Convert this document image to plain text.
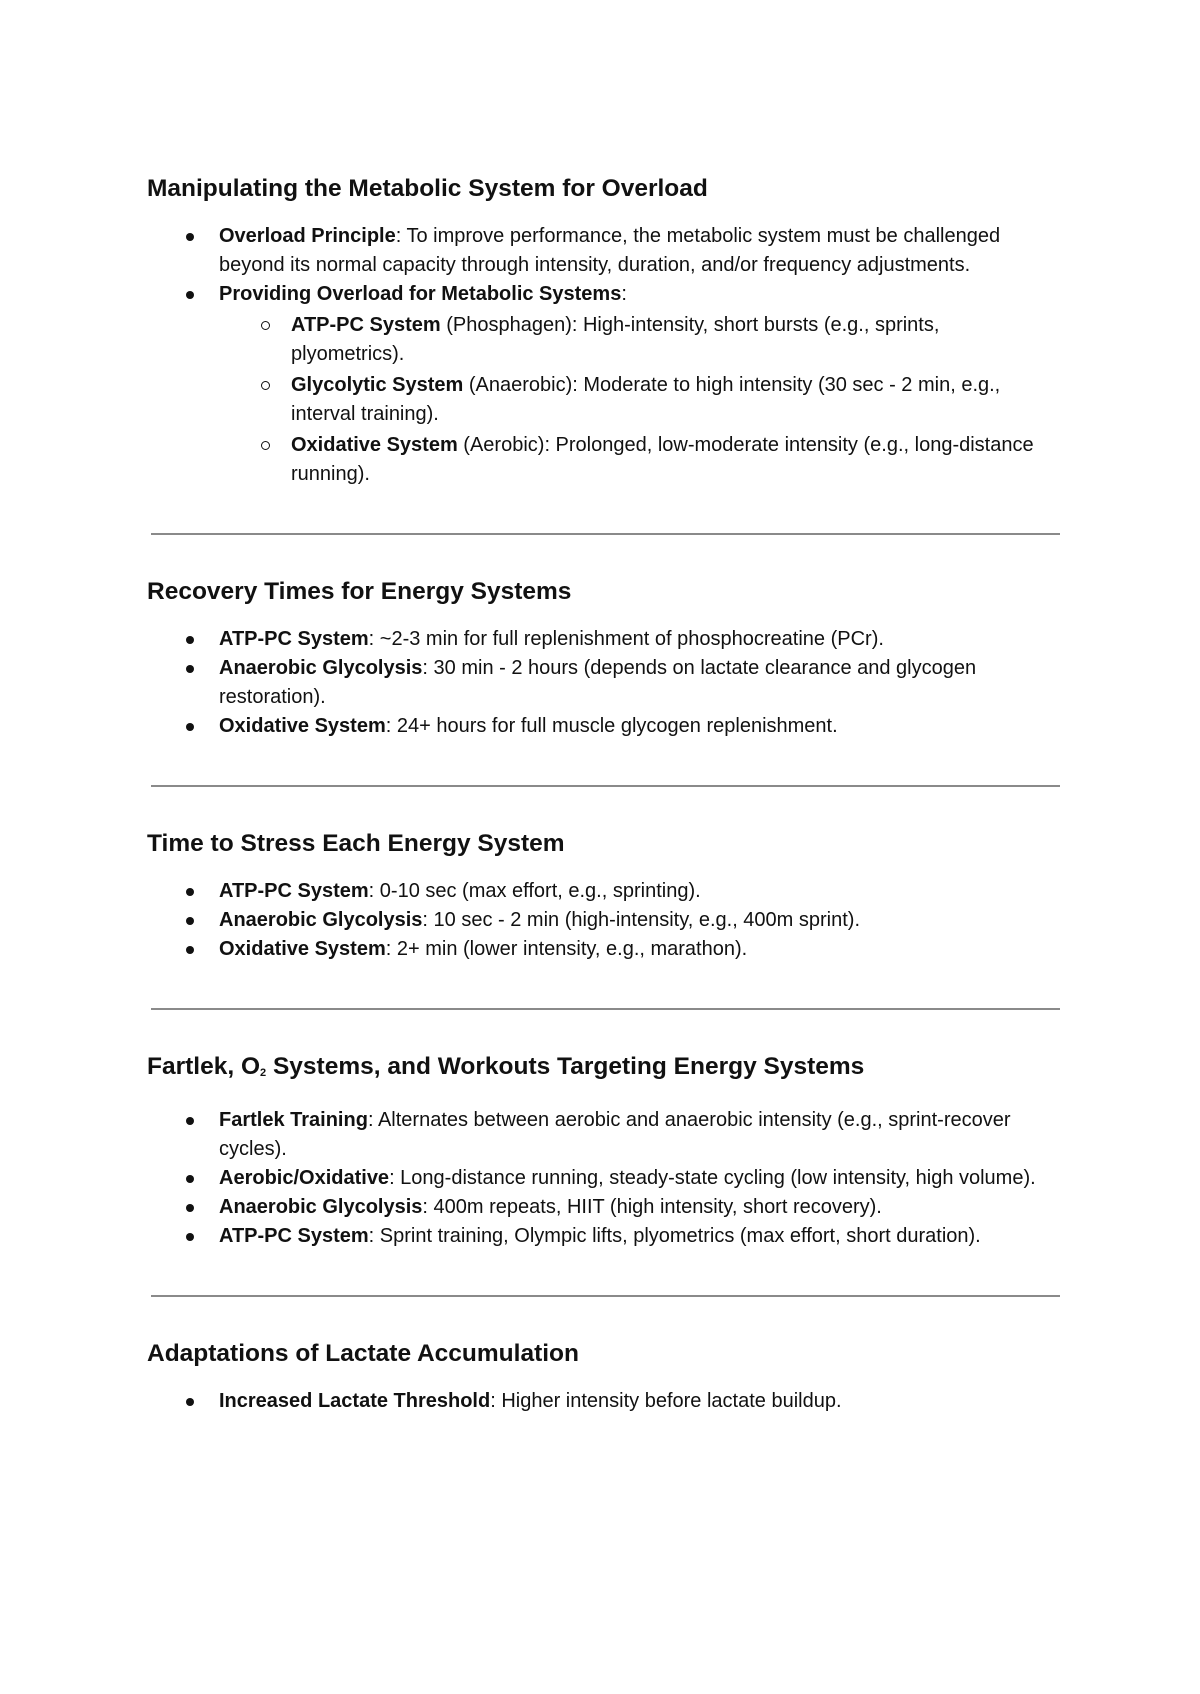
Manipulating the Metabolic System for Overload
Overload Principle: To improve performance, the metabolic system must be challenged beyond its normal capacity through intensity, duration, and/or frequency adjustments.
Providing Overload for Metabolic Systems:
ATP-PC System (Phosphagen): High-intensity, short bursts (e.g., sprints, plyometrics).
Glycolytic System (Anaerobic): Moderate to high intensity (30 sec - 2 min, e.g., interval training).
Oxidative System (Aerobic): Prolonged, low-moderate intensity (e.g., long-distance running).
Recovery Times for Energy Systems
ATP-PC System: ~2-3 min for full replenishment of phosphocreatine (PCr).
Anaerobic Glycolysis: 30 min - 2 hours (depends on lactate clearance and glycogen restoration).
Oxidative System: 24+ hours for full muscle glycogen replenishment.
Time to Stress Each Energy System
ATP-PC System: 0-10 sec (max effort, e.g., sprinting).
Anaerobic Glycolysis: 10 sec - 2 min (high-intensity, e.g., 400m sprint).
Oxidative System: 2+ min (lower intensity, e.g., marathon).
Fartlek, O2 Systems, and Workouts Targeting Energy Systems
Fartlek Training: Alternates between aerobic and anaerobic intensity (e.g., sprint-recover cycles).
Aerobic/Oxidative: Long-distance running, steady-state cycling (low intensity, high volume).
Anaerobic Glycolysis: 400m repeats, HIIT (high intensity, short recovery).
ATP-PC System: Sprint training, Olympic lifts, plyometrics (max effort, short duration).
Adaptations of Lactate Accumulation
Increased Lactate Threshold: Higher intensity before lactate buildup.
